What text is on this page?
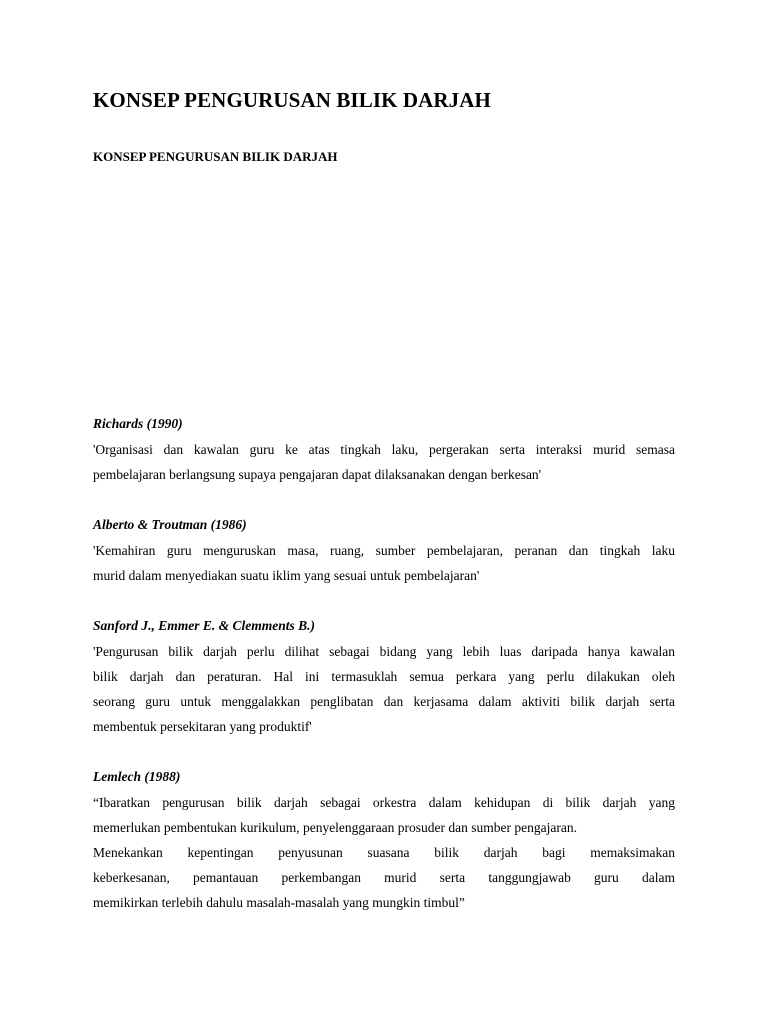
KONSEP PENGURUSAN BILIK DARJAH
KONSEP PENGURUSAN BILIK DARJAH

Richards (1990)

'Organisasi dan kawalan guru ke atas tingkah laku, pergerakan serta interaksi murid semasa
pembelajaran berlangsung supaya pengajaran dapat dilaksanakan dengan berkesan'

Alberto & Troutman (1986)

'Kemahiran guru menguruskan masa, ruang, sumber pembelajaran, peranan dan tingkah laku
murid dalam menyediakan suatu iklim yang sesuai untuk pembelajaran'

Sanford J., Emmer E. & Clemments B.)

'Pengurusan bilik darjah perlu dilihat sebagai bidang yang lebih luas daripada hanya kawalan
bilik darjah dan peraturan. Hal ini termasuklah semua perkara yang perlu dilakukan oleh
seorang guru untuk menggalakkan penglibatan dan kerjasama dalam aktiviti bilik darjah serta
membentuk persekitaran yang produktif'

Lemlech (1988)

“Ibaratkan pengurusan bilik darjah sebagai orkestra dalam kehidupan di bilik darjah yang
memerlukan pembentukan kurikulum, penyelenggaraan prosuder dan sumber pengajaran.
Menekankan kepentingan penyusunan suasana bilik darjah bagi memaksimakan
keberkesanan, pemantauan perkembangan murid serta tanggungjawab guru dalam
memikirkan terlebih dahulu masalah-masalah yang mungkin timbul”
